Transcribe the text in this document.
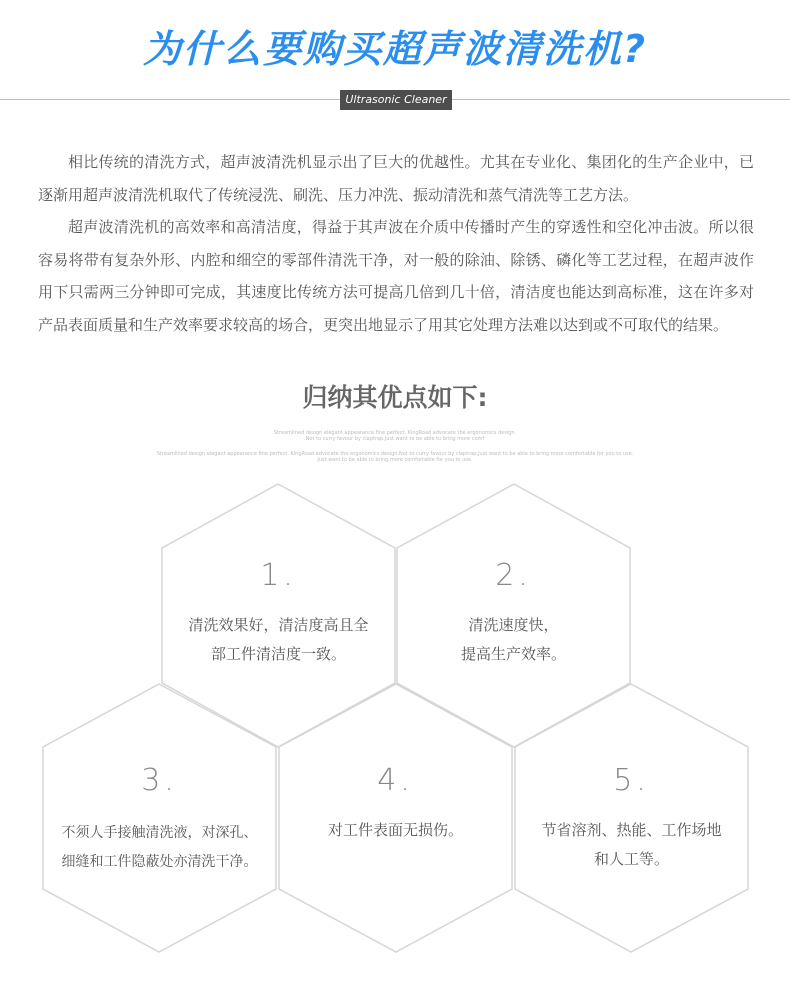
为什么要购买超声波清洗机?
Ultrasonic Cleaner

相比传统的清洗方式，超声波清洗机显示出了巨大的优越性。尤其在专业化、集团化的生产企业中，已逐渐用超声波清洗机取代了传统浸洗、刷洗、压力冲洗、振动清洗和蒸气清洗等工艺方法。

超声波清洗机的高效率和高清洁度，得益于其声波在介质中传播时产生的穿透性和空化冲击波。所以很容易将带有复杂外形、内腔和细空的零部件清洗干净，对一般的除油、除锈、磷化等工艺过程，在超声波作用下只需两三分钟即可完成，其速度比传统方法可提高几倍到几十倍，清洁度也能达到高标准，这在许多对产品表面质量和生产效率要求较高的场合，更突出地显示了用其它处理方法难以达到或不可取代的结果。

归纳其优点如下:
Streamlined design elegant appearance fine perfect. KingRoad advocate the ergonomics design.
Not to curry favour by claptrap.Just want to be able to bring more comf
Streamlined design elegant appearance fine perfect. KingRoad advocate the ergonomics design.Not to curry favour by claptrap.Just want to be able to bring more comfortable for you to use.
Just want to be able to bring more comfortable for you to use.
1.
清洗效果好，清洁度高且全
部工件清洁度一致。
2.
清洗速度快，
提高生产效率。
3.
不须人手接触清洗液，对深孔、
细缝和工件隐蔽处亦清洗干净。
4.
对工件表面无损伤。
5.
节省溶剂、热能、工作场地
和人工等。
